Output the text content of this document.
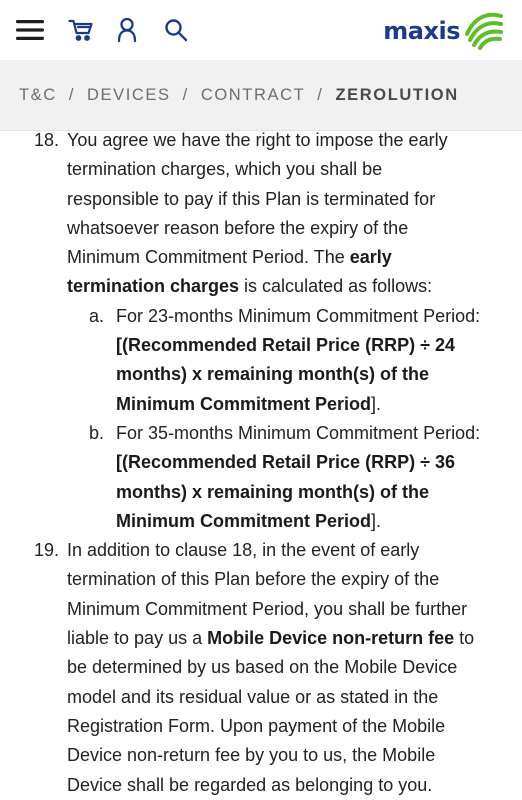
maxis
T&C / DEVICES / CONTRACT / ZEROLUTION
18. You agree we have the right to impose the early
termination charges, which you shall be
responsible to pay if this Plan is terminated for
whatsoever reason before the expiry of the
Minimum Commitment Period. The early
termination charges is calculated as follows:
a. For 23-months Minimum Commitment Period:
[(Recommended Retail Price (RRP) ÷ 24
months) x remaining month(s) of the
Minimum Commitment Period].
b. For 35-months Minimum Commitment Period:
[(Recommended Retail Price (RRP) ÷ 36
months) x remaining month(s) of the
Minimum Commitment Period].
19. In addition to clause 18, in the event of early
termination of this Plan before the expiry of the
Minimum Commitment Period, you shall be further
liable to pay us a Mobile Device non-return fee to
be determined by us based on the Mobile Device
model and its residual value or as stated in the
Registration Form. Upon payment of the Mobile
Device non-return fee by you to us, the Mobile
Device shall be regarded as belonging to you.
